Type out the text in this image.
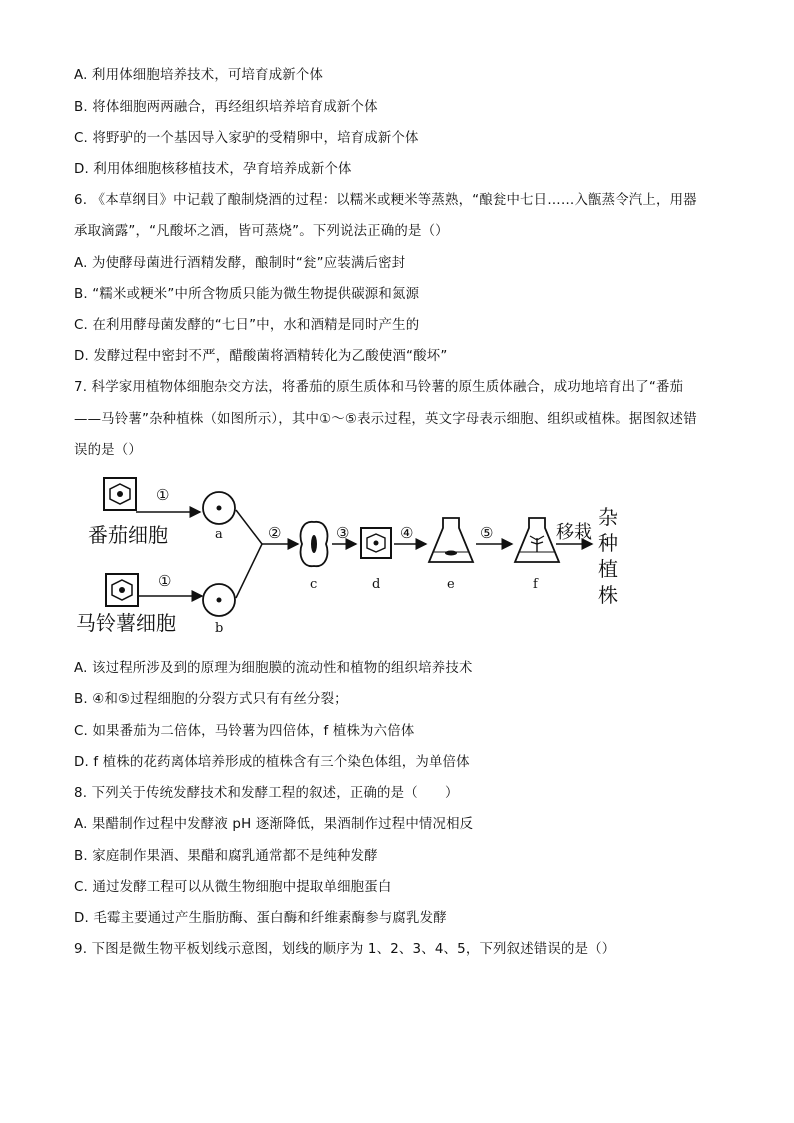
A. 利用体细胞培养技术，可培育成新个体
B. 将体细胞两两融合，再经组织培养培育成新个体
C. 将野驴的一个基因导入家驴的受精卵中，培育成新个体
D. 利用体细胞核移植技术，孕育培养成新个体
6. 《本草纲目》中记载了酿制烧酒的过程：以糯米或粳米等蒸熟，“酿瓮中七日……入甑蒸令汽上，用器
承取滴露”，“凡酸坏之酒，皆可蒸烧”。下列说法正确的是（）
A. 为使酵母菌进行酒精发酵，酿制时“瓮”应装满后密封
B. “糯米或粳米”中所含物质只能为微生物提供碳源和氮源
C. 在利用酵母菌发酵的“七日”中，水和酒精是同时产生的
D. 发酵过程中密封不严，醋酸菌将酒精转化为乙酸使酒“酸坏”
7. 科学家用植物体细胞杂交方法，将番茄的原生质体和马铃薯的原生质体融合，成功地培育出了“番茄
——马铃薯”杂种植株（如图所示），其中①～⑤表示过程，英文字母表示细胞、组织或植株。据图叙述错
误的是（）
①
番茄细胞	a
①
马铃薯细胞	b
②
c
③
d
④
e
⑤
f
移栽
杂
种
植
株
A. 该过程所涉及到的原理为细胞膜的流动性和植物的组织培养技术
B. ④和⑤过程细胞的分裂方式只有有丝分裂；
C. 如果番茄为二倍体，马铃薯为四倍体，f 植株为六倍体
D. f 植株的花药离体培养形成的植株含有三个染色体组，为单倍体
8. 下列关于传统发酵技术和发酵工程的叙述，正确的是（　　）
A. 果醋制作过程中发酵液 pH 逐渐降低，果酒制作过程中情况相反
B. 家庭制作果酒、果醋和腐乳通常都不是纯种发酵
C. 通过发酵工程可以从微生物细胞中提取单细胞蛋白
D. 毛霉主要通过产生脂肪酶、蛋白酶和纤维素酶参与腐乳发酵
9. 下图是微生物平板划线示意图，划线的顺序为 1、2、3、4、5，下列叙述错误的是（）
